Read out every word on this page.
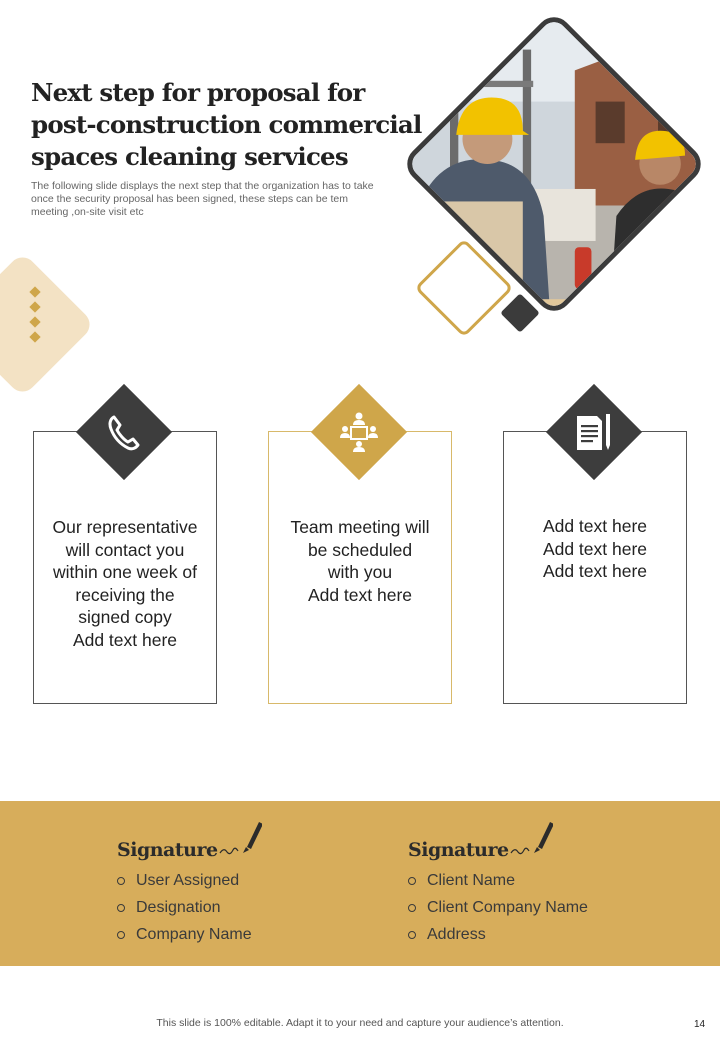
Next step for proposal for post-construction commercial spaces cleaning services

The following slide displays the next step that the organization has to take once the security proposal has been signed, these steps can be tem meeting ,on-site visit etc

Our representative
will contact you
within one week of
receiving the
signed copy
Add text here

Team meeting will
be scheduled
with you
Add text here

Add text here
Add text here
Add text here

Signature
User Assigned
Designation
Company Name
Signature
Client Name
Client Company Name
Address

This slide is 100% editable. Adapt it to your need and capture your audience’s attention.	14
